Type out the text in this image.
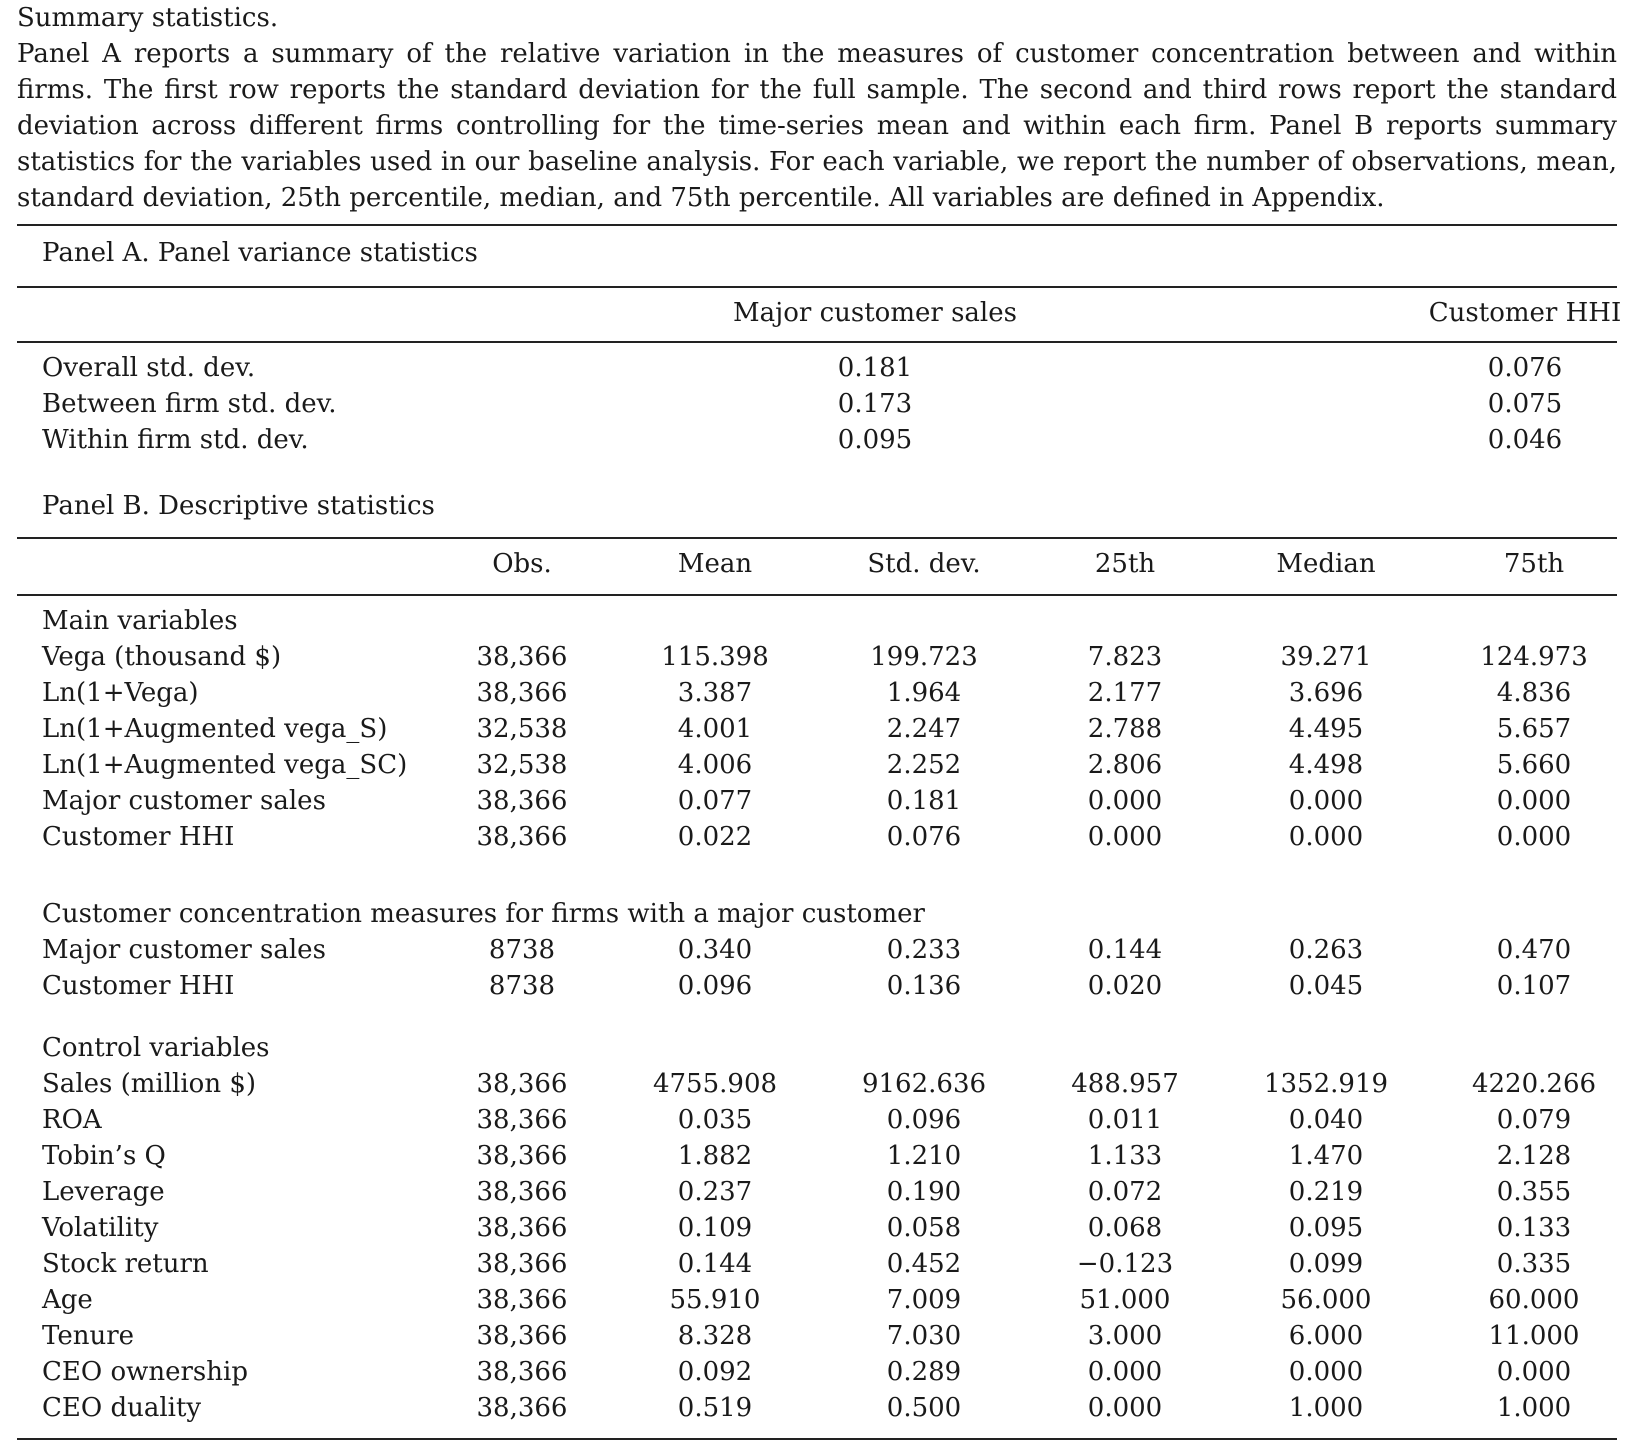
Summary statistics.
Panel A reports a summary of the relative variation in the measures of customer concentration between and within firms. The first row reports the standard deviation for the full sample. The second and third rows report the standard deviation across different firms controlling for the time-series mean and within each firm. Panel B reports summary statistics for the variables used in our baseline analysis. For each variable, we report the number of observations, mean, standard deviation, 25th percentile, median, and 75th percentile. All variables are defined in Appendix.
Panel A. Panel variance statistics
Major customer sales	Customer HHI
Overall std. dev.	0.181	0.076
Between firm std. dev.	0.173	0.075
Within firm std. dev.	0.095	0.046
Panel B. Descriptive statistics
Obs.	Mean	Std. dev.	25th	Median	75th
Main variables
Vega (thousand $)	38,366	115.398	199.723	7.823	39.271	124.973
Ln(1+Vega)	38,366	3.387	1.964	2.177	3.696	4.836
Ln(1+Augmented vega_S)	32,538	4.001	2.247	2.788	4.495	5.657
Ln(1+Augmented vega_SC)	32,538	4.006	2.252	2.806	4.498	5.660
Major customer sales	38,366	0.077	0.181	0.000	0.000	0.000
Customer HHI	38,366	0.022	0.076	0.000	0.000	0.000
Customer concentration measures for firms with a major customer
Major customer sales	8738	0.340	0.233	0.144	0.263	0.470
Customer HHI	8738	0.096	0.136	0.020	0.045	0.107
Control variables
Sales (million $)	38,366	4755.908	9162.636	488.957	1352.919	4220.266
ROA	38,366	0.035	0.096	0.011	0.040	0.079
Tobin’s Q	38,366	1.882	1.210	1.133	1.470	2.128
Leverage	38,366	0.237	0.190	0.072	0.219	0.355
Volatility	38,366	0.109	0.058	0.068	0.095	0.133
Stock return	38,366	0.144	0.452	−0.123	0.099	0.335
Age	38,366	55.910	7.009	51.000	56.000	60.000
Tenure	38,366	8.328	7.030	3.000	6.000	11.000
CEO ownership	38,366	0.092	0.289	0.000	0.000	0.000
CEO duality	38,366	0.519	0.500	0.000	1.000	1.000
